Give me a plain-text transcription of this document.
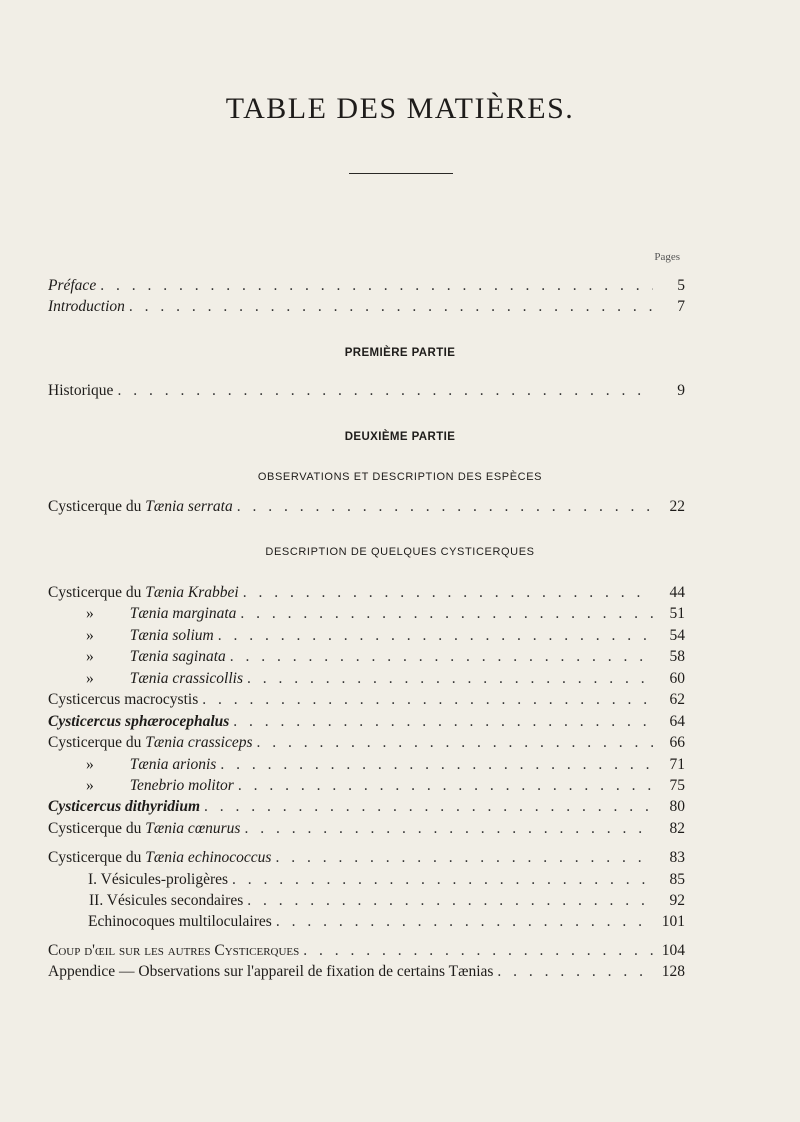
TABLE DES MATIÈRES.
Pages
Préface . . .	5
Introduction . . .	7
PREMIÈRE PARTIE
Historique . . .	9
DEUXIÈME PARTIE
OBSERVATIONS ET DESCRIPTION DES ESPÈCES
Cysticerque du Tænia serrata . . .	22
DESCRIPTION DE QUELQUES CYSTICERQUES
Cysticerque du Tænia Krabbei . . .	44
» Tænia marginata . . .	51
» Tænia solium . . .	54
» Tænia saginata . . .	58
» Tænia crassicollis . . .	60
Cysticercus macrocystis . . .	62
Cysticercus sphærocephalus . . .	64
Cysticerque du Tænia crassiceps . . .	66
» Tænia arionis . . .	71
» Tenebrio molitor . . .	75
Cysticercus dithyridium . . .	80
Cysticerque du Tænia cœnurus . . .	82
Cysticerque du Tænia echinococcus . . .	83
I. Vésicules-proligères . . .	85
II. Vésicules secondaires . . .	92
Echinocoques multiloculaires . . .	101
Coup d'œil sur les autres Cysticerques . . .	104
Appendice — Observations sur l'appareil de fixation de certains Tænias . . .	128
